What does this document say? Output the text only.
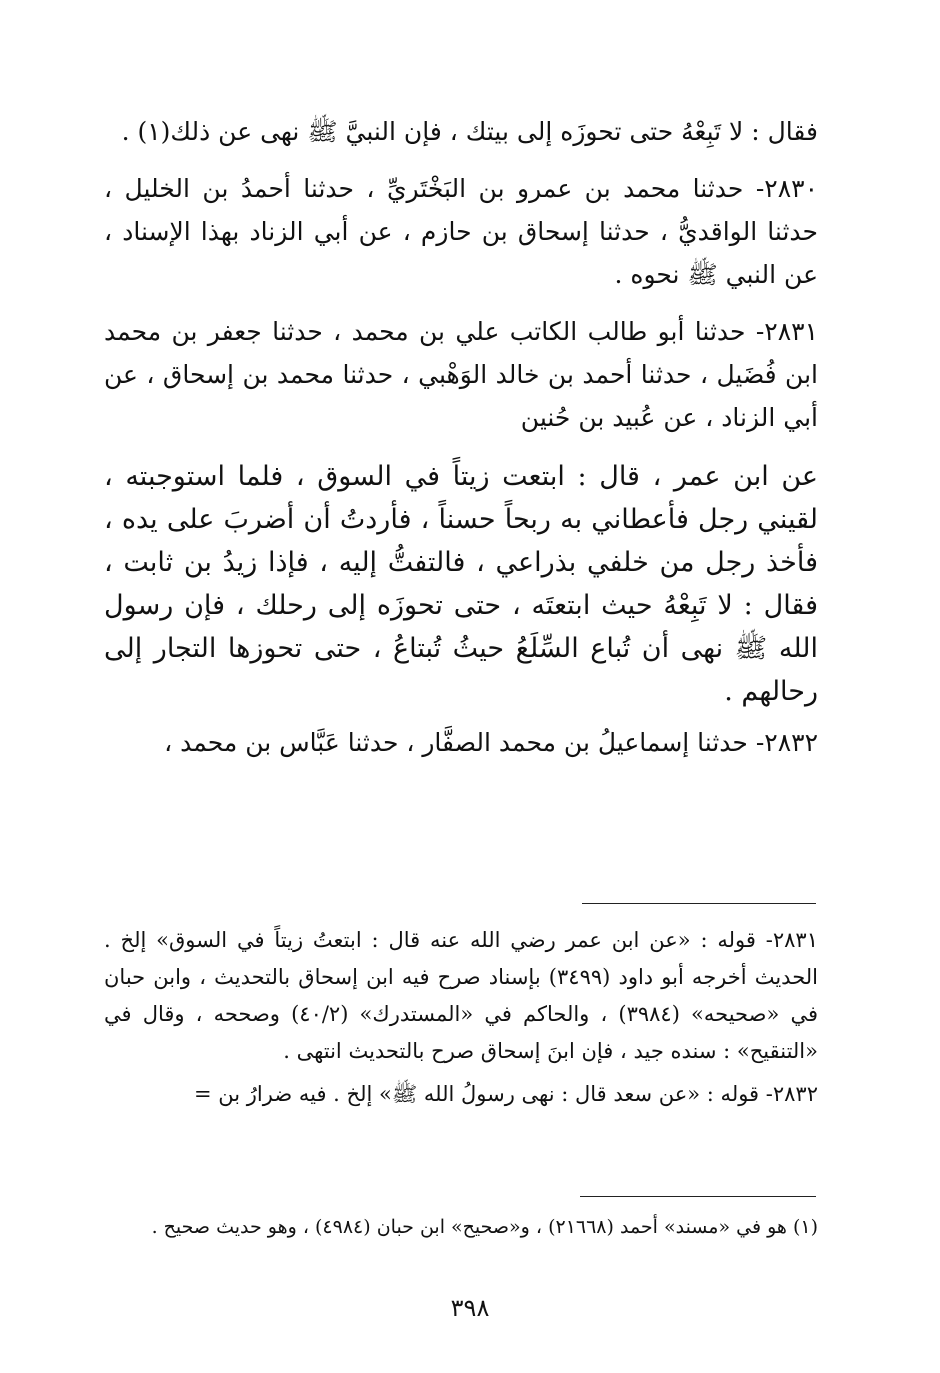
فقال : لا تَبِعْهُ حتى تحوزَه إلى بيتك ، فإن النبيَّ ﷺ نهى عن ذلك(١) .

٢٨٣٠- حدثنا محمد بن عمرو بن البَخْتَريِّ ، حدثنا أحمدُ بن الخليل ، حدثنا الواقديُّ ، حدثنا إسحاق بن حازم ، عن أبي الزناد بهذا الإسناد ، عن النبي ﷺ نحوه .

٢٨٣١- حدثنا أبو طالب الكاتب علي بن محمد ، حدثنا جعفر بن محمد ابن فُضَيل ، حدثنا أحمد بن خالد الوَهْبي ، حدثنا محمد بن إسحاق ، عن أبي الزناد ، عن عُبيد بن حُنين

عن ابن عمر ، قال : ابتعت زيتاً في السوق ، فلما استوجبته ، لقيني رجل فأعطاني به ربحاً حسناً ، فأردتُ أن أضربَ على يده ، فأخذ رجل من خلفي بذراعي ، فالتفتُّ إليه ، فإذا زيدُ بن ثابت ، فقال : لا تَبِعْهُ حيث ابتعتَه ، حتى تحوزَه إلى رحلك ، فإن رسول الله ﷺ نهى أن تُباع السِّلَعُ حيثُ تُبتاعُ ، حتى تحوزها التجار إلى رحالهم .

٢٨٣٢- حدثنا إسماعيلُ بن محمد الصفَّار ، حدثنا عَبَّاس بن محمد ،

٢٨٣١- قوله : «عن ابن عمر رضي الله عنه قال : ابتعتُ زيتاً في السوق» إلخ . الحديث أخرجه أبو داود (٣٤٩٩) بإسناد صرح فيه ابن إسحاق بالتحديث ، وابن حبان في «صحيحه» (٣٩٨٤) ، والحاكم في «المستدرك» (٤٠/٢) وصححه ، وقال في «التنقيح» : سنده جيد ، فإن ابنَ إسحاق صرح بالتحديث انتهى .

٢٨٣٢- قوله : «عن سعد قال : نهى رسولُ الله ﷺ» إلخ . فيه ضرارُ بن =

(١) هو في «مسند» أحمد (٢١٦٦٨) ، و«صحيح» ابن حبان (٤٩٨٤) ، وهو حديث صحيح .

٣٩٨
